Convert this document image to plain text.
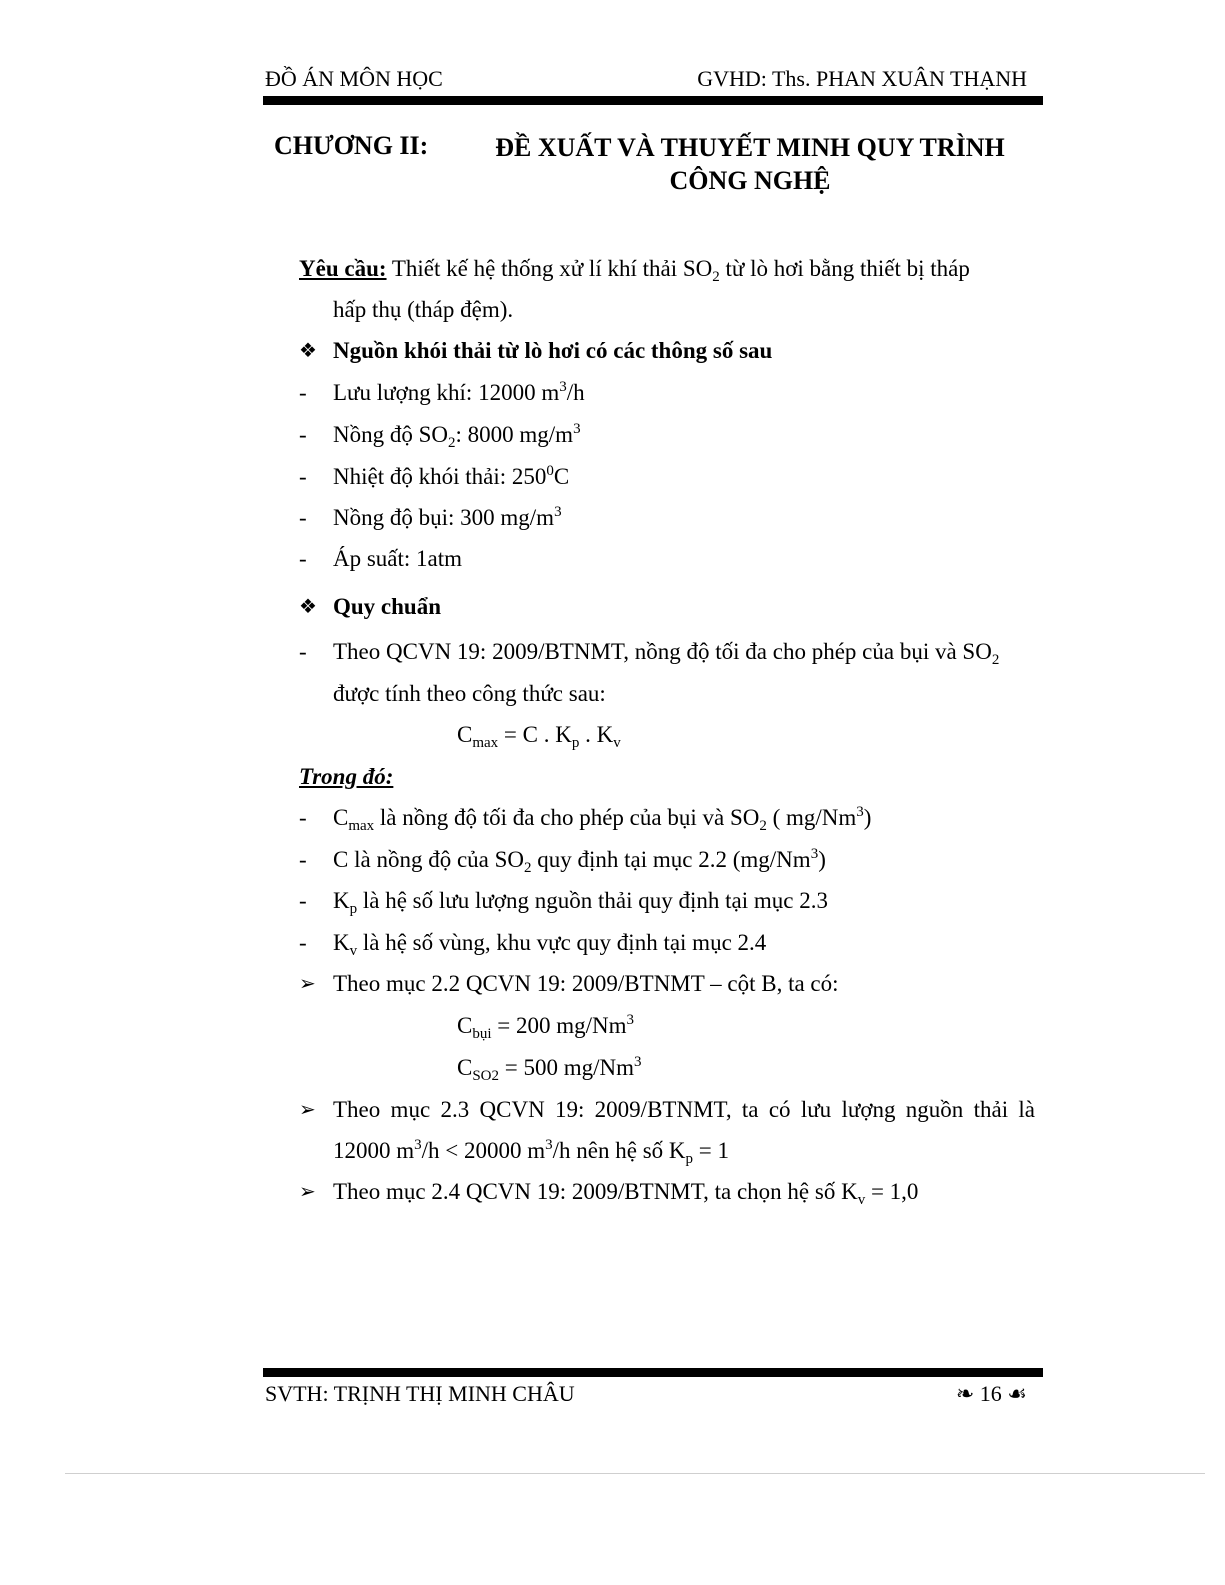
ĐỒ ÁN MÔN HỌC	GVHD: Ths. PHAN XUÂN THẠNH
CHƯƠNG II:	ĐỀ XUẤT VÀ THUYẾT MINH QUY TRÌNH
CÔNG NGHỆ
Yêu cầu: Thiết kế hệ thống xử lí khí thải $SO_2$ từ lò hơi bằng thiết bị tháp
hấp thụ (tháp đệm).
❖ Nguồn khói thải từ lò hơi có các thông số sau
- Lưu lượng khí: 12000 $m^3/h$
- Nồng độ $SO_2$: 8000 $mg/m^3$
- Nhiệt độ khói thải: $250^0C$
- Nồng độ bụi: 300 $mg/m^3$
- Áp suất: 1atm
❖ Quy chuẩn
- Theo QCVN 19: 2009/BTNMT, nồng độ tối đa cho phép của bụi và $SO_2$
được tính theo công thức sau:
$C_{max} = C$ . $K_p$ . $K_v$
Trong đó:
- $C_{max}$ là nồng độ tối đa cho phép của bụi và $SO_2$ ( mg/Nm$^3$)
- C là nồng độ của $SO_2$ quy định tại mục 2.2 (mg/Nm$^3$)
- $K_p$ là hệ số lưu lượng nguồn thải quy định tại mục 2.3
- $K_v$ là hệ số vùng, khu vực quy định tại mục 2.4
➢ Theo mục 2.2 QCVN 19: 2009/BTNMT – cột B, ta có:
$C_{bụi} = 200$ mg/Nm$^3$
$C_{SO2} = 500$ mg/Nm$^3$
➢ Theo mục 2.3 QCVN 19: 2009/BTNMT, ta có lưu lượng nguồn thải là
12000 $m^3/h < 20000$ $m^3/h$ nên hệ số $K_p = 1$
➢ Theo mục 2.4 QCVN 19: 2009/BTNMT, ta chọn hệ số $K_v = 1,0$
SVTH: TRỊNH THỊ MINH CHÂU	❧ 16 ☙
